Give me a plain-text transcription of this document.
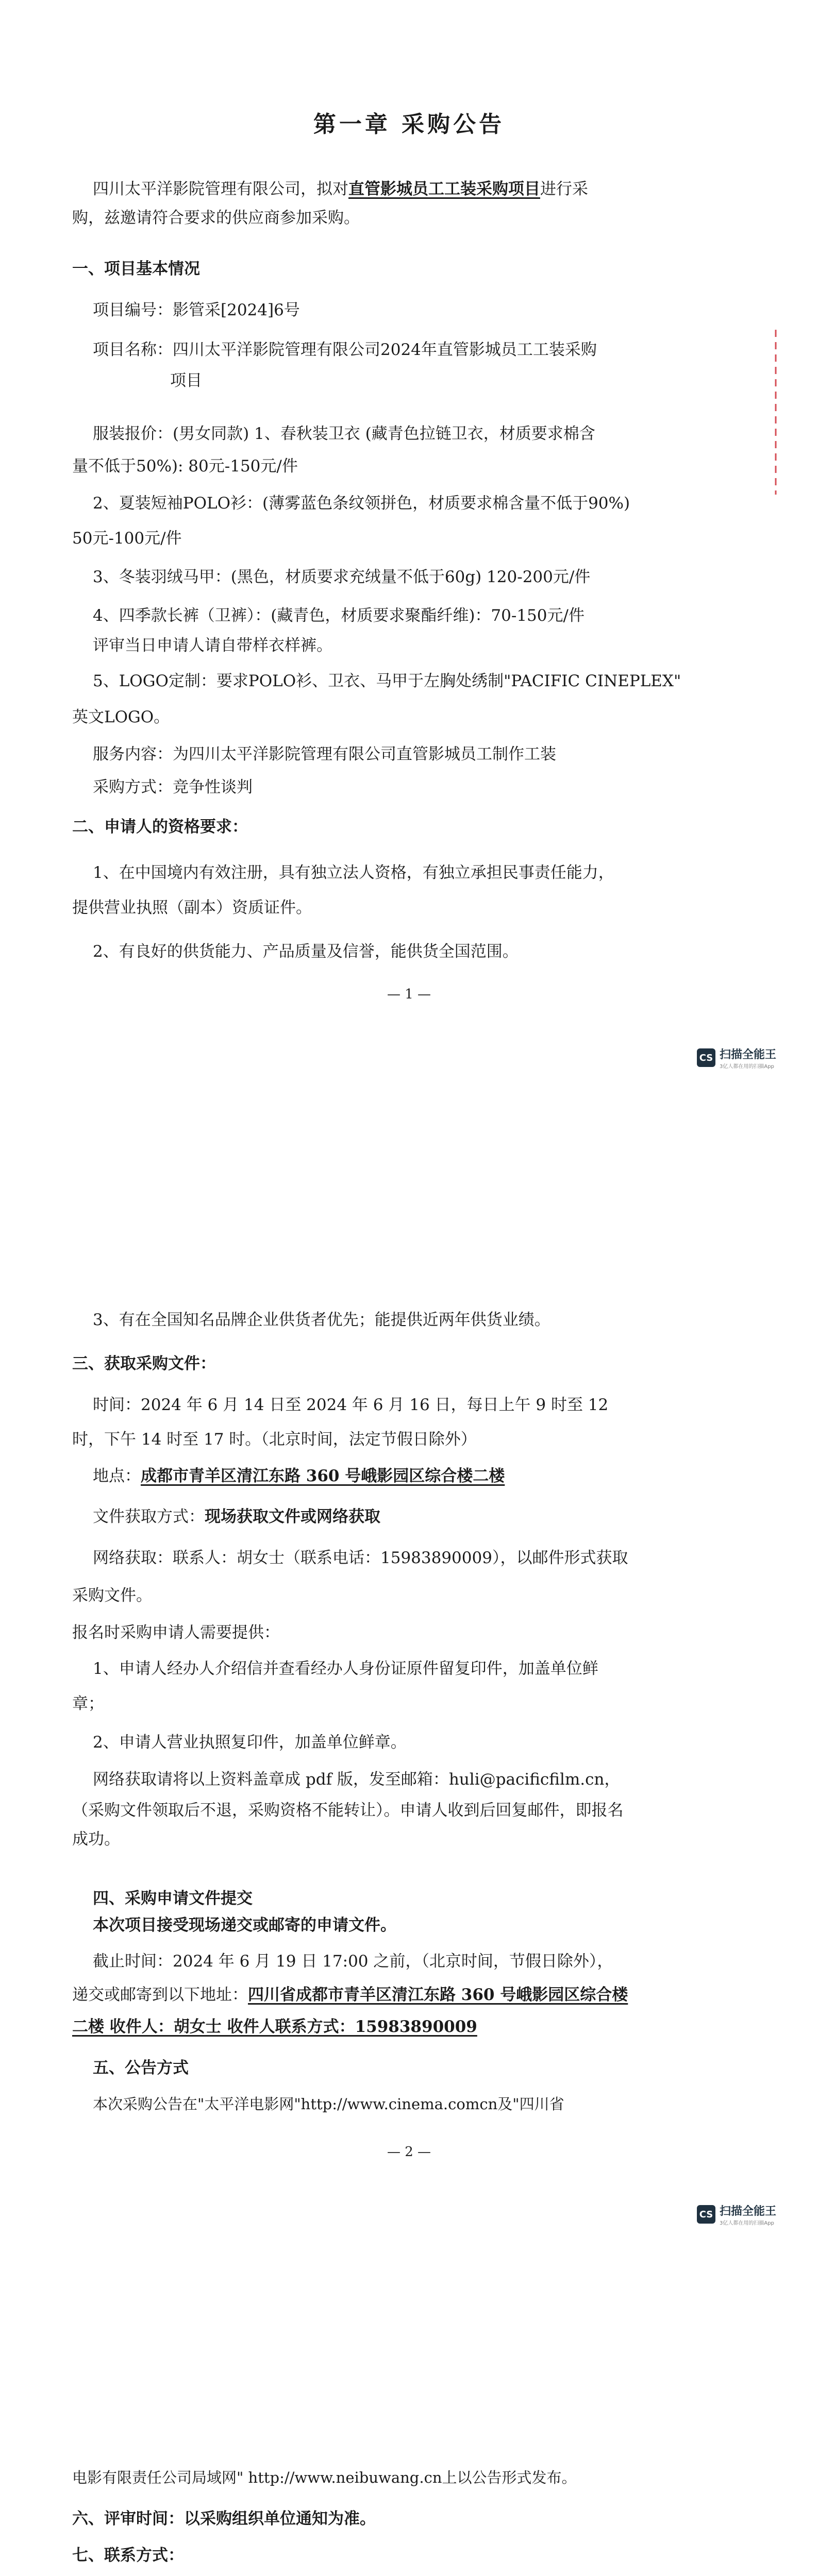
第一章 采购公告
四川太平洋影院管理有限公司，拟对直管影城员工工装采购项目进行采
购，兹邀请符合要求的供应商参加采购。
一、项目基本情况
项目编号：影管采[2024]6号
项目名称：四川太平洋影院管理有限公司2024年直管影城员工工装采购
项目
服装报价：(男女同款) 1、春秋装卫衣 (藏青色拉链卫衣，材质要求棉含
量不低于50%): 80元-150元/件
2、夏装短袖POLO衫：(薄雾蓝色条纹领拼色，材质要求棉含量不低于90%)
50元-100元/件
3、冬装羽绒马甲：(黑色，材质要求充绒量不低于60g) 120-200元/件
4、四季款长裤（卫裤）：(藏青色，材质要求聚酯纤维)：70-150元/件
评审当日申请人请自带样衣样裤。
5、LOGO定制：要求POLO衫、卫衣、马甲于左胸处绣制"PACIFIC CINEPLEX"
英文LOGO。
服务内容：为四川太平洋影院管理有限公司直管影城员工制作工装
采购方式：竞争性谈判
二、申请人的资格要求：
1、在中国境内有效注册，具有独立法人资格，有独立承担民事责任能力，
提供营业执照（副本）资质证件。
2、有良好的供货能力、产品质量及信誉，能供货全国范围。
— 1 —
CS 扫描全能王
3亿人都在用的扫描App
3、有在全国知名品牌企业供货者优先；能提供近两年供货业绩。
三、获取采购文件：
时间：2024 年 6 月 14 日至 2024 年 6 月 16 日，每日上午 9 时至 12
时，下午 14 时至 17 时。（北京时间，法定节假日除外）
地点：成都市青羊区清江东路 360 号峨影园区综合楼二楼
文件获取方式：现场获取文件或网络获取
网络获取：联系人：胡女士（联系电话：15983890009），以邮件形式获取
采购文件。
报名时采购申请人需要提供：
1、申请人经办人介绍信并查看经办人身份证原件留复印件，加盖单位鲜
章；
2、申请人营业执照复印件，加盖单位鲜章。
网络获取请将以上资料盖章成 pdf 版，发至邮箱：huli@pacificfilm.cn，
（采购文件领取后不退，采购资格不能转让）。申请人收到后回复邮件，即报名
成功。
四、采购申请文件提交
本次项目接受现场递交或邮寄的申请文件。
截止时间：2024 年 6 月 19 日 17:00 之前，（北京时间，节假日除外），
递交或邮寄到以下地址：四川省成都市青羊区清江东路 360 号峨影园区综合楼
二楼 收件人：胡女士 收件人联系方式：15983890009
五、公告方式
本次采购公告在"太平洋电影网"http://www.cinema.comcn及"四川省
— 2 —
CS 扫描全能王
3亿人都在用的扫描App
电影有限责任公司局域网" http://www.neibuwang.cn上以公告形式发布。
六、评审时间：以采购组织单位通知为准。
七、联系方式：
